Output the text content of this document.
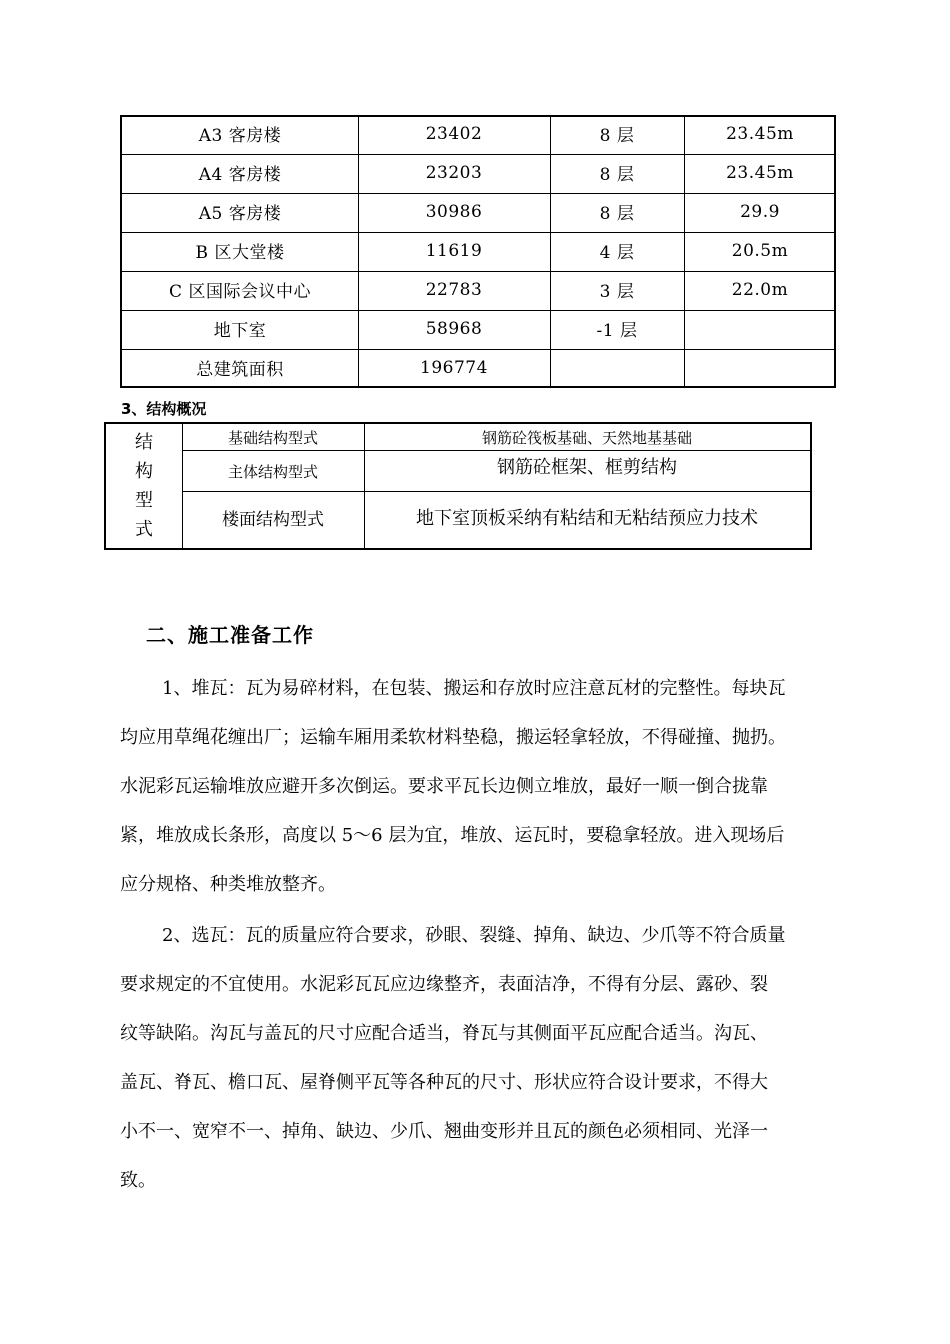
A3 客房楼	23402	8 层	23.45m
A4 客房楼	23203	8 层	23.45m
A5 客房楼	30986	8 层	29.9
B 区大堂楼	11619	4 层	20.5m
C 区国际会议中心	22783	3 层	22.0m
地下室	58968	-1 层
总建筑面积	196774
3、结构概况
结
构
型
式
基础结构型式	钢筋砼筏板基础、天然地基基础
主体结构型式	钢筋砼框架、框剪结构
楼面结构型式	地下室顶板采纳有粘结和无粘结预应力技术
二、施工准备工作
1、堆瓦：瓦为易碎材料，在包装、搬运和存放时应注意瓦材的完整性。每块瓦
均应用草绳花缠出厂；运输车厢用柔软材料垫稳，搬运轻拿轻放，不得碰撞、抛扔。
水泥彩瓦运输堆放应避开多次倒运。要求平瓦长边侧立堆放，最好一顺一倒合拢靠
紧，堆放成长条形，高度以 5～6 层为宜，堆放、运瓦时，要稳拿轻放。进入现场后
应分规格、种类堆放整齐。
2、选瓦：瓦的质量应符合要求，砂眼、裂缝、掉角、缺边、少爪等不符合质量
要求规定的不宜使用。水泥彩瓦瓦应边缘整齐，表面洁净，不得有分层、露砂、裂
纹等缺陷。沟瓦与盖瓦的尺寸应配合适当，脊瓦与其侧面平瓦应配合适当。沟瓦、
盖瓦、脊瓦、檐口瓦、屋脊侧平瓦等各种瓦的尺寸、形状应符合设计要求，不得大
小不一、宽窄不一、掉角、缺边、少爪、翘曲变形并且瓦的颜色必须相同、光泽一
致。
